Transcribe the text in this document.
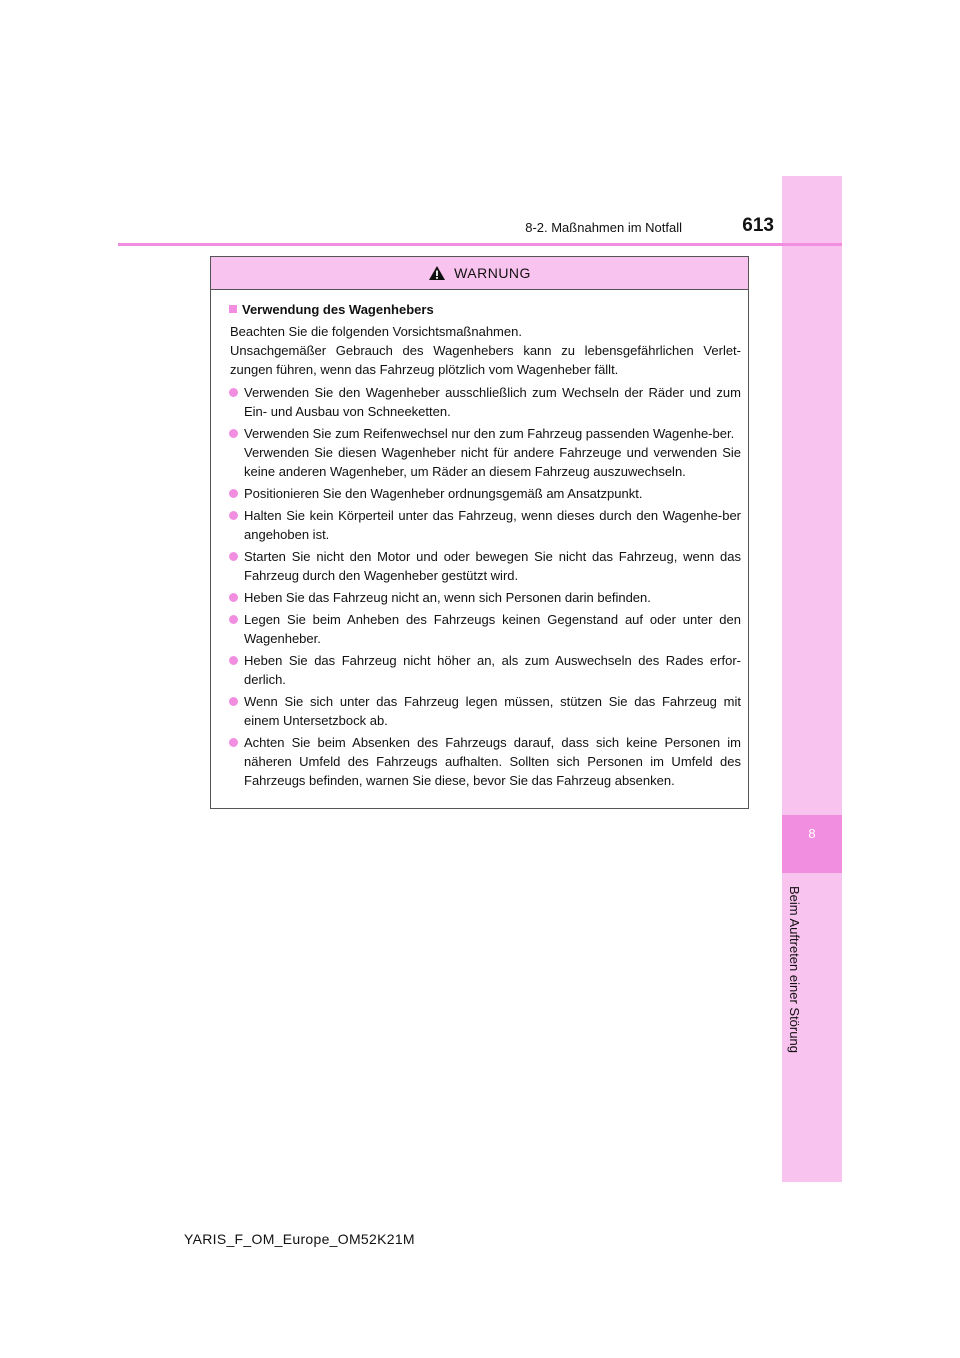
8
Beim Auftreten einer Störung
8-2. Maßnahmen im Notfall	613
WARNUNG
Verwendung des Wagenhebers
Beachten Sie die folgenden Vorsichtsmaßnahmen.
Unsachgemäßer Gebrauch des Wagenhebers kann zu lebensgefährlichen Verlet-zungen führen, wenn das Fahrzeug plötzlich vom Wagenheber fällt.
Verwenden Sie den Wagenheber ausschließlich zum Wechseln der Räder und zum Ein- und Ausbau von Schneeketten.
Verwenden Sie zum Reifenwechsel nur den zum Fahrzeug passenden Wagenhe-ber.
Verwenden Sie diesen Wagenheber nicht für andere Fahrzeuge und verwenden Sie keine anderen Wagenheber, um Räder an diesem Fahrzeug auszuwechseln.
Positionieren Sie den Wagenheber ordnungsgemäß am Ansatzpunkt.
Halten Sie kein Körperteil unter das Fahrzeug, wenn dieses durch den Wagenhe-ber angehoben ist.
Starten Sie nicht den Motor und oder bewegen Sie nicht das Fahrzeug, wenn das Fahrzeug durch den Wagenheber gestützt wird.
Heben Sie das Fahrzeug nicht an, wenn sich Personen darin befinden.
Legen Sie beim Anheben des Fahrzeugs keinen Gegenstand auf oder unter den Wagenheber.
Heben Sie das Fahrzeug nicht höher an, als zum Auswechseln des Rades erfor-derlich.
Wenn Sie sich unter das Fahrzeug legen müssen, stützen Sie das Fahrzeug mit einem Untersetzbock ab.
Achten Sie beim Absenken des Fahrzeugs darauf, dass sich keine Personen im näheren Umfeld des Fahrzeugs aufhalten. Sollten sich Personen im Umfeld des Fahrzeugs befinden, warnen Sie diese, bevor Sie das Fahrzeug absenken.
YARIS_F_OM_Europe_OM52K21M
